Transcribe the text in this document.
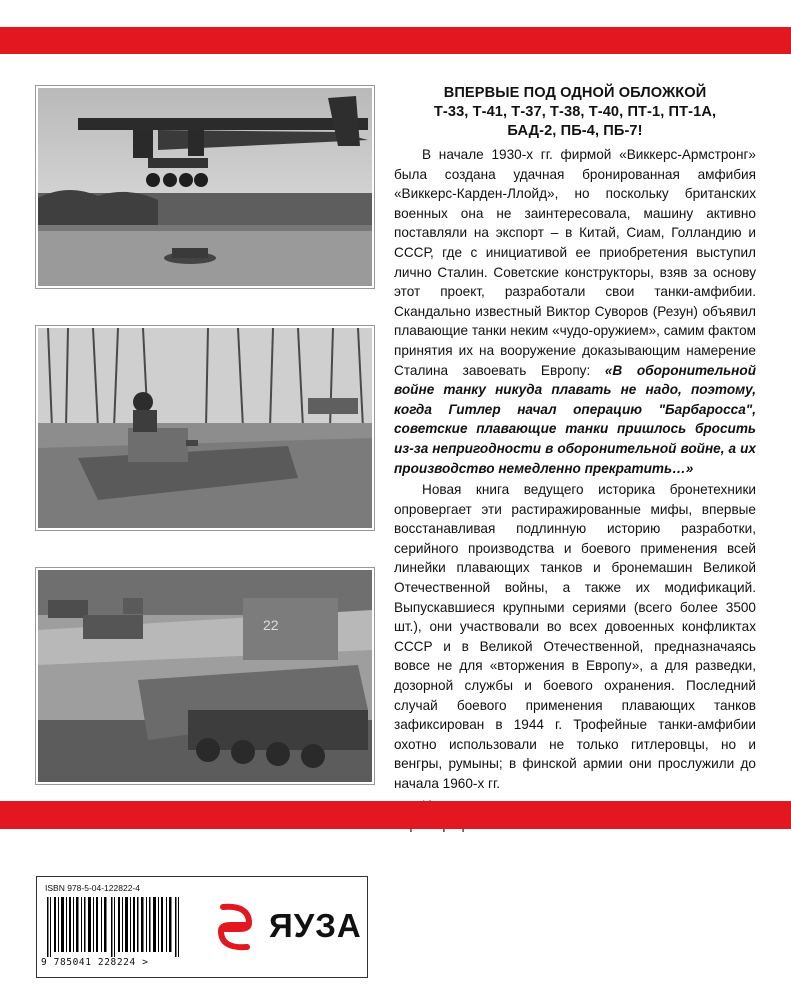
22
ВПЕРВЫЕ ПОД ОДНОЙ ОБЛОЖКОЙ
Т-33, Т-41, Т-37, Т-38, Т-40, ПТ-1, ПТ-1А,
БАД-2, ПБ-4, ПБ-7!

В начале 1930-х гг. фирмой «Виккерс-Армстронг» была создана удачная бронированная амфибия «Виккерс-Карден-Ллойд», но поскольку британских военных она не заинтересовала, машину активно поставляли на экспорт – в Китай, Сиам, Голландию и СССР, где с инициативой ее приобретения выступил лично Сталин. Советские конструкторы, взяв за основу этот проект, разработали свои танки-амфибии. Скандально известный Виктор Суворов (Резун) объявил плавающие танки неким «чудо-оружием», самим фактом принятия их на вооружение доказывающим намерение Сталина завоевать Европу: «В оборонительной войне танку никуда плавать не надо, поэтому, когда Гитлер начал операцию "Барбаросса", советские плавающие танки пришлось бросить из-за непригодности в оборонительной войне, а их производство немедленно прекратить…»

Новая книга ведущего историка бронетехники опровергает эти растиражированные мифы, впервые восстанавливая подлинную историю разработки, серийного производства и боевого применения всей линейки плавающих танков и бронемашин Великой Отечественной войны, а также их модификаций. Выпускавшиеся крупными сериями (всего более 3500 шт.), они участвовали во всех довоенных конфликтах СССР и в Великой Отечественной, предназначаясь вовсе не для «вторжения в Европу», а для разведки, дозорной службы и боевого охранения. Последний случай боевого применения плавающих танков зафиксирован в 1944 г. Трофейные танки-амфибии охотно использовали не только гитлеровцы, но и венгры, румыны; в финской армии они прослужили до начала 1960-х гг.

ISBN 978-5-04-122822-4
9 785041 228224 >
ЯУЗА
